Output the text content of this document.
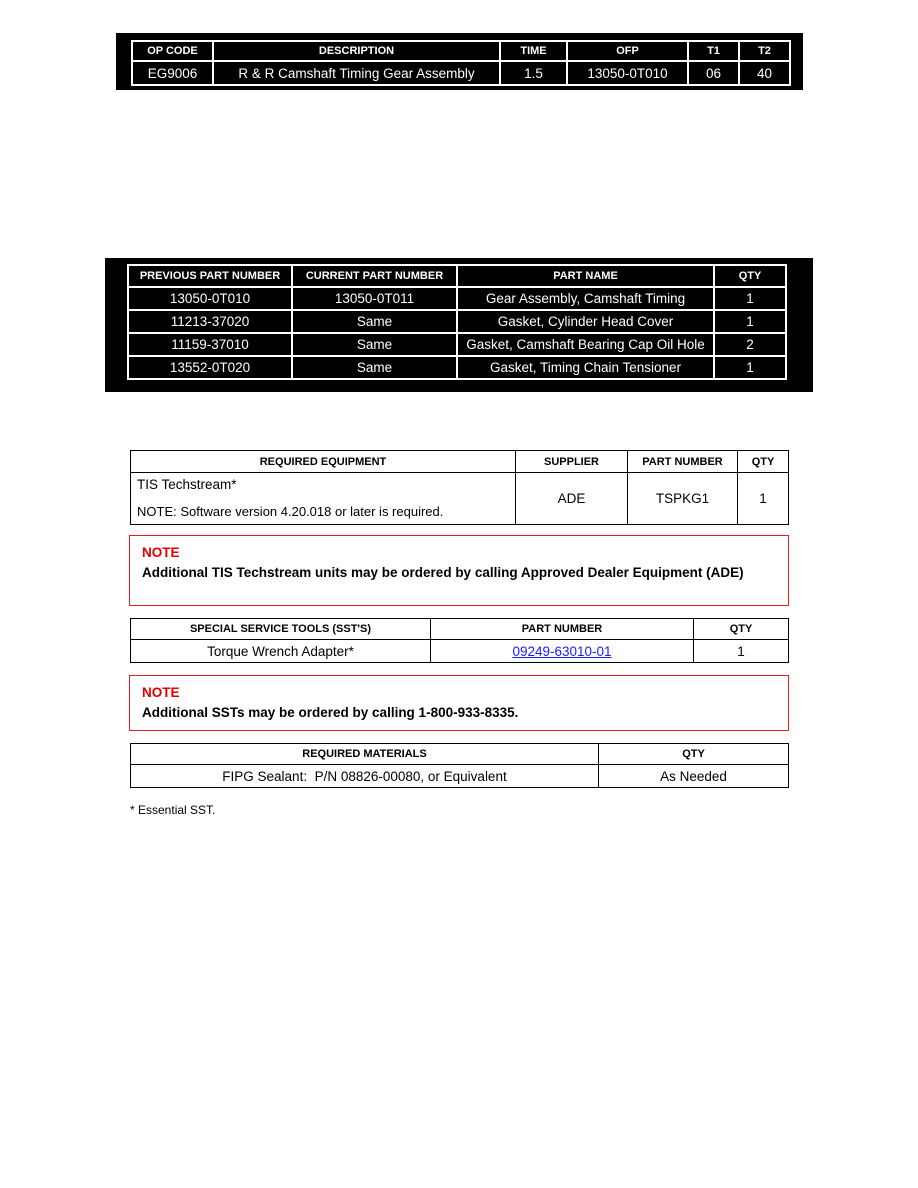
OP CODE	DESCRIPTION	TIME	OFP	T1	T2
EG9006	R & R Camshaft Timing Gear Assembly	1.5	13050-0T010	06	40
PREVIOUS PART NUMBER	CURRENT PART NUMBER	PART NAME	QTY
13050-0T010	13050-0T011	Gear Assembly, Camshaft Timing	1
11213-37020	Same	Gasket, Cylinder Head Cover	1
11159-37010	Same	Gasket, Camshaft Bearing Cap Oil Hole	2
13552-0T020	Same	Gasket, Timing Chain Tensioner	1
REQUIRED EQUIPMENT	SUPPLIER	PART NUMBER	QTY

TIS Techstream*
NOTE: Software version 4.20.018 or later is required.	ADE	TSPKG1	1
NOTE
Additional TIS Techstream units may be ordered by calling Approved Dealer Equipment (ADE)
SPECIAL SERVICE TOOLS (SST'S)	PART NUMBER	QTY
Torque Wrench Adapter*	09249-63010-01	1
NOTE
Additional SSTs may be ordered by calling 1-800-933-8335.
REQUIRED MATERIALS	QTY
FIPG Sealant:  P/N 08826-00080, or Equivalent	As Needed
* Essential SST.
